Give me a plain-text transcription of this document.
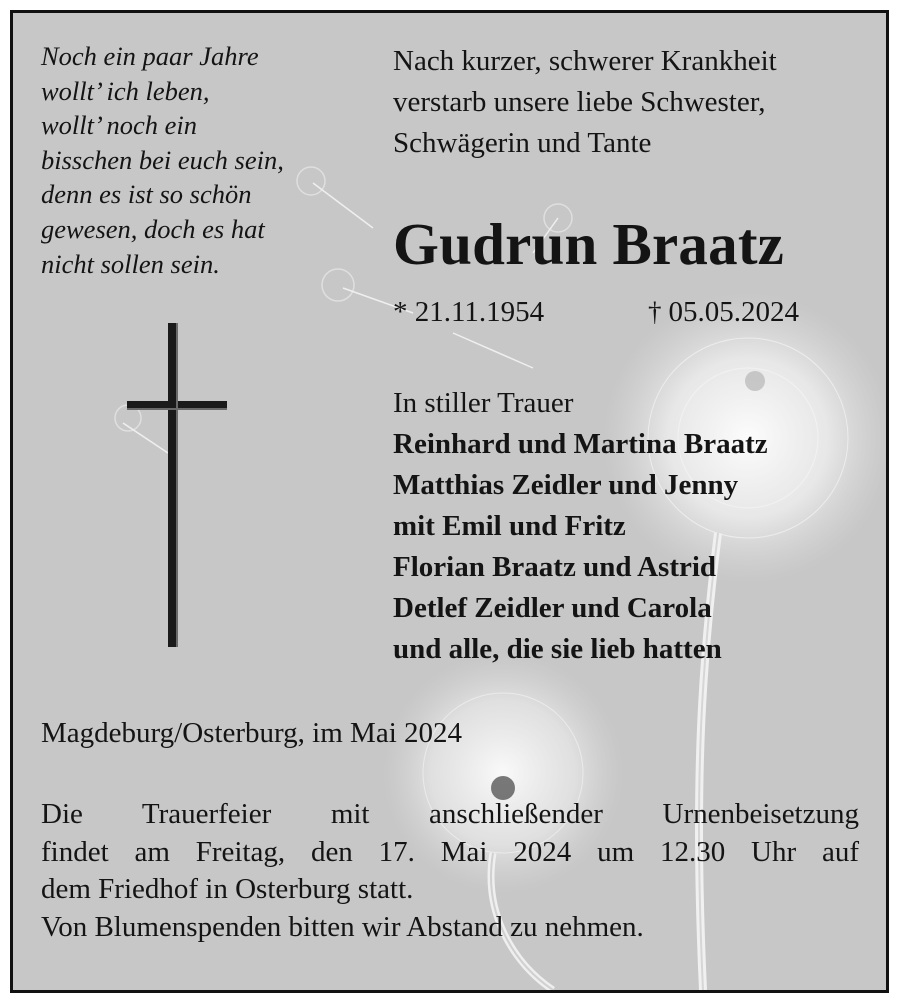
Noch ein paar Jahre
wollt’ ich leben,
wollt’ noch ein
bisschen bei euch sein,
denn es ist so schön
gewesen, doch es hat
nicht sollen sein.
Nach kurzer, schwerer Krankheit
verstarb unsere liebe Schwester,
Schwägerin und Tante
Gudrun Braatz
* 21.11.1954	† 05.05.2024
In stiller Trauer
Reinhard und Martina Braatz
Matthias Zeidler und Jenny
mit Emil und Fritz
Florian Braatz und Astrid
Detlef Zeidler und Carola
und alle, die sie lieb hatten
Magdeburg/Osterburg, im Mai 2024
Die Trauerfeier mit anschließender Urnenbeisetzung
findet am Freitag, den 17. Mai 2024 um 12.30 Uhr auf
dem Friedhof in Osterburg statt.
Von Blumenspenden bitten wir Abstand zu nehmen.
